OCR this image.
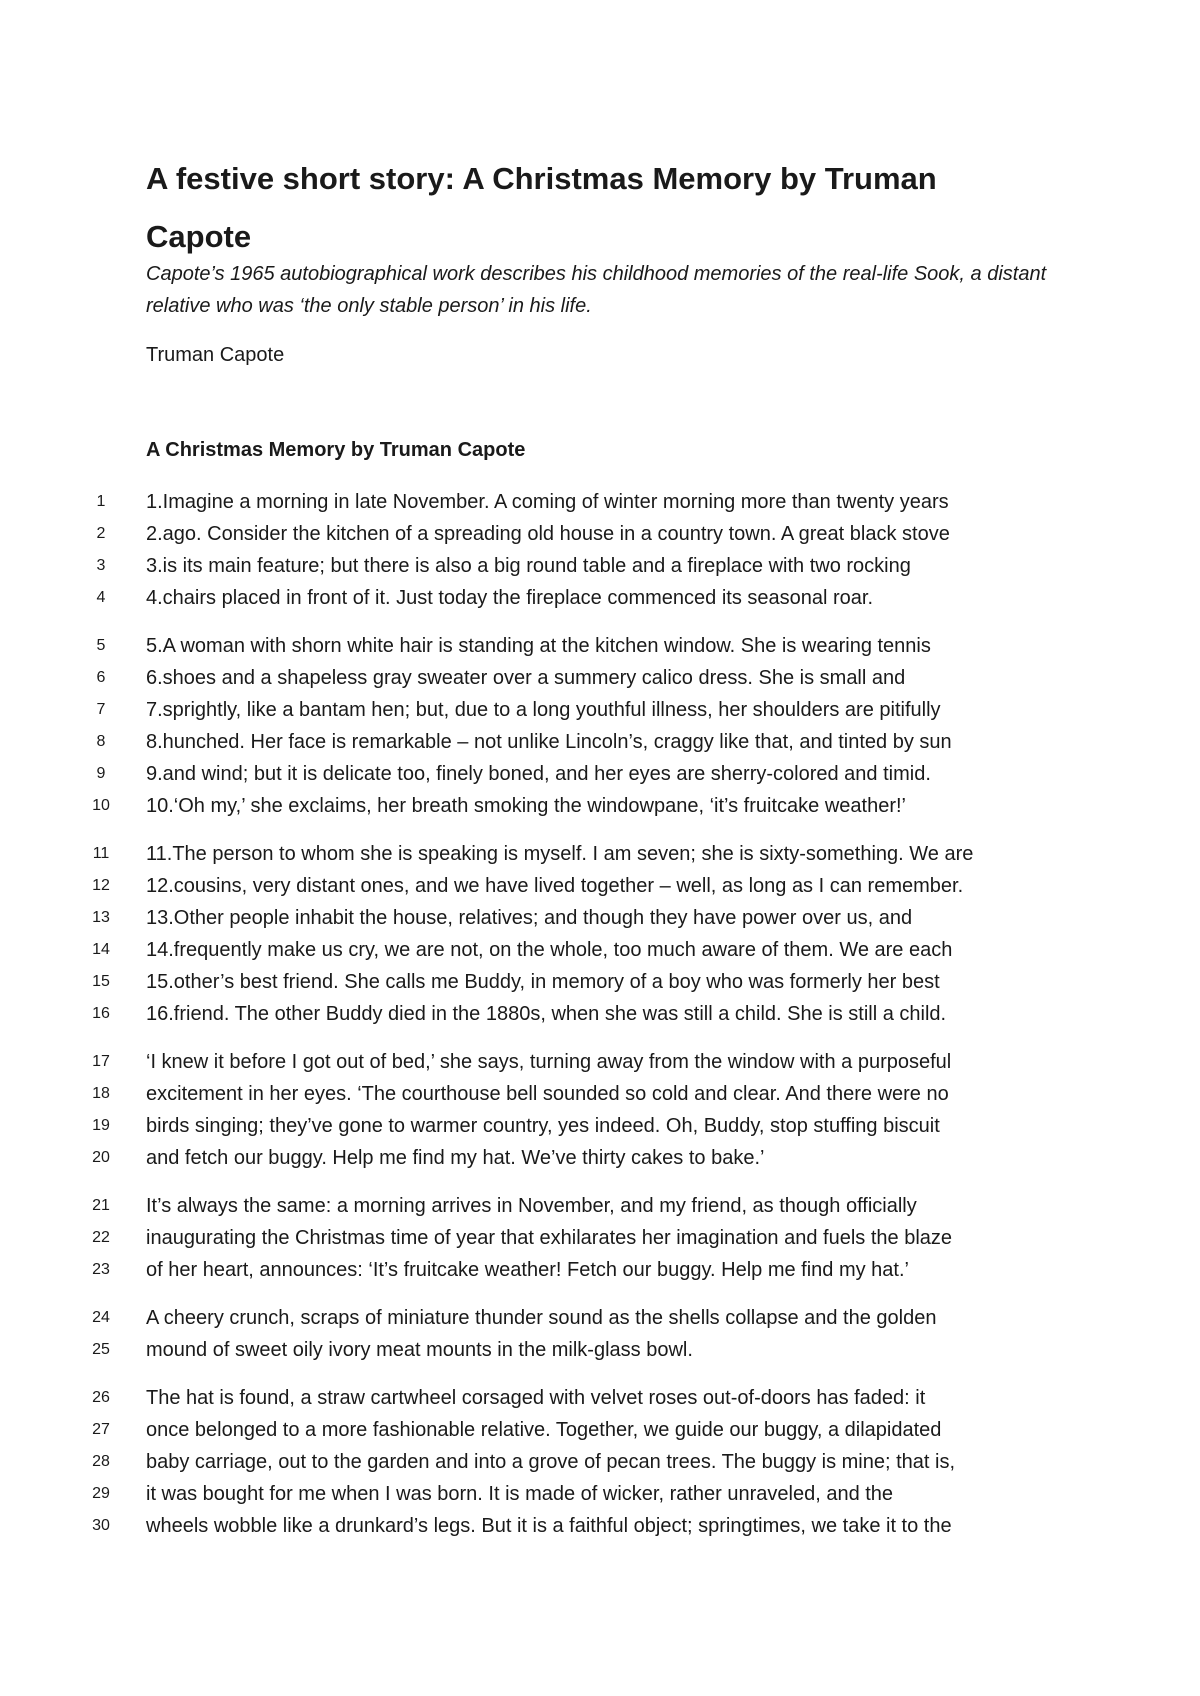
A festive short story: A Christmas Memory by Truman Capote

Capote’s 1965 autobiographical work describes his childhood memories of the real-life Sook, a distant relative who was ‘the only stable person’ in his life.

Truman Capote

A Christmas Memory by Truman Capote

1	1.Imagine a morning in late November. A coming of winter morning more than twenty years
2	2.ago. Consider the kitchen of a spreading old house in a country town. A great black stove
3	3.is its main feature; but there is also a big round table and a fireplace with two rocking
4	4.chairs placed in front of it. Just today the fireplace commenced its seasonal roar.
5	5.A woman with shorn white hair is standing at the kitchen window. She is wearing tennis
6	6.shoes and a shapeless gray sweater over a summery calico dress. She is small and
7	7.sprightly, like a bantam hen; but, due to a long youthful illness, her shoulders are pitifully
8	8.hunched. Her face is remarkable – not unlike Lincoln’s, craggy like that, and tinted by sun
9	9.and wind; but it is delicate too, finely boned, and her eyes are sherry-colored and timid.
10	10.‘Oh my,’ she exclaims, her breath smoking the windowpane, ‘it’s fruitcake weather!’
11	11.The person to whom she is speaking is myself. I am seven; she is sixty-something. We are
12	12.cousins, very distant ones, and we have lived together – well, as long as I can remember.
13	13.Other people inhabit the house, relatives; and though they have power over us, and
14	14.frequently make us cry, we are not, on the whole, too much aware of them. We are each
15	15.other’s best friend. She calls me Buddy, in memory of a boy who was formerly her best
16	16.friend. The other Buddy died in the 1880s, when she was still a child. She is still a child.
17	‘I knew it before I got out of bed,’ she says, turning away from the window with a purposeful
18	excitement in her eyes. ‘The courthouse bell sounded so cold and clear. And there were no
19	birds singing; they’ve gone to warmer country, yes indeed. Oh, Buddy, stop stuffing biscuit
20	and fetch our buggy. Help me find my hat. We’ve thirty cakes to bake.’
21	It’s always the same: a morning arrives in November, and my friend, as though officially
22	inaugurating the Christmas time of year that exhilarates her imagination and fuels the blaze
23	of her heart, announces: ‘It’s fruitcake weather! Fetch our buggy. Help me find my hat.’
24	A cheery crunch, scraps of miniature thunder sound as the shells collapse and the golden
25	mound of sweet oily ivory meat mounts in the milk-glass bowl.
26	The hat is found, a straw cartwheel corsaged with velvet roses out-of-doors has faded: it
27	once belonged to a more fashionable relative. Together, we guide our buggy, a dilapidated
28	baby carriage, out to the garden and into a grove of pecan trees. The buggy is mine; that is,
29	it was bought for me when I was born. It is made of wicker, rather unraveled, and the
30	wheels wobble like a drunkard’s legs. But it is a faithful object; springtimes, we take it to the
